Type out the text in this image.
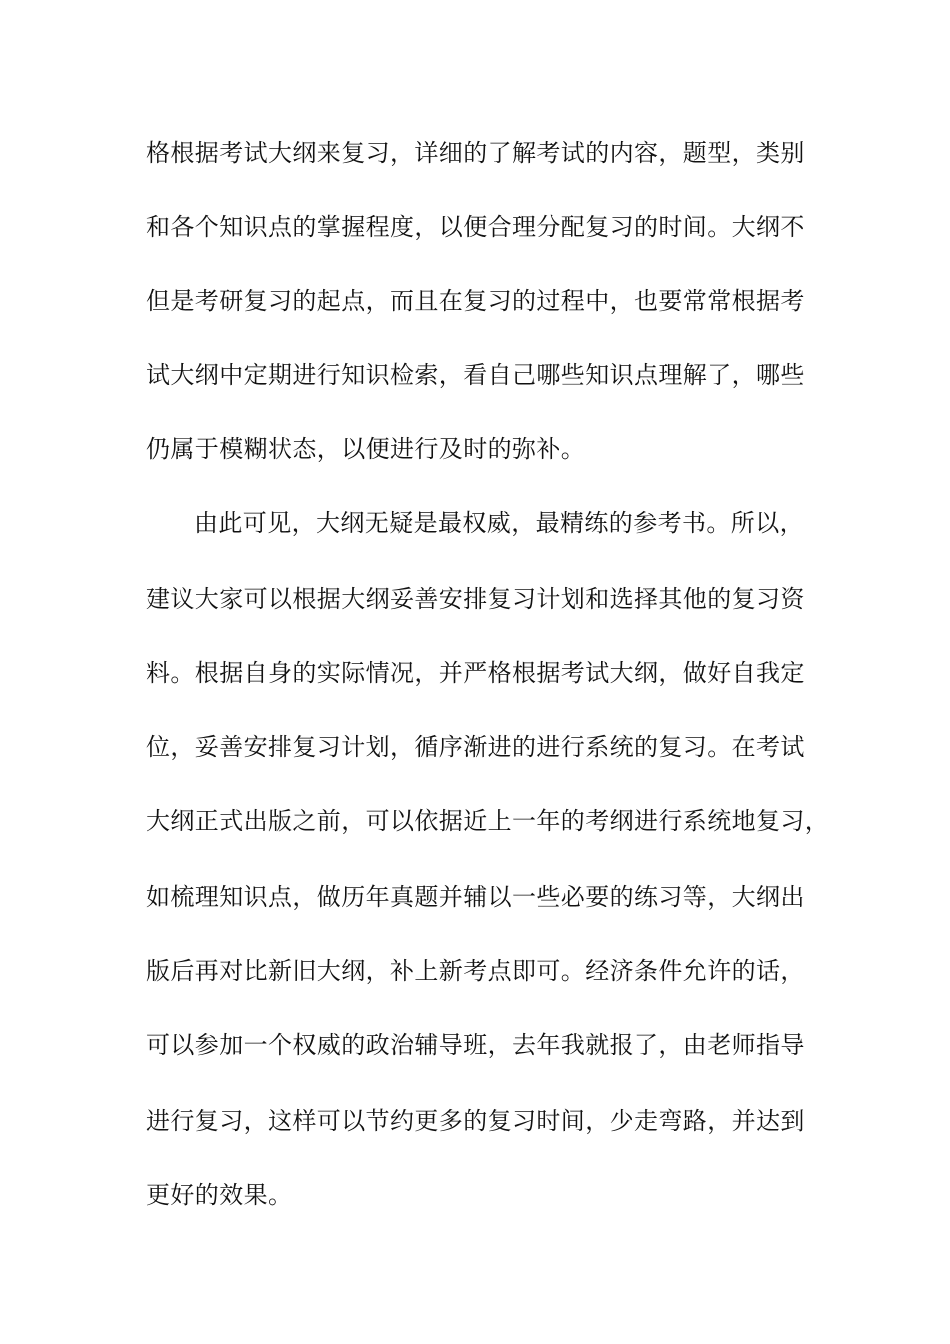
格根据考试大纲来复习，详细的了解考试的内容，题型，类别
和各个知识点的掌握程度，以便合理分配复习的时间。大纲不
但是考研复习的起点，而且在复习的过程中，也要常常根据考
试大纲中定期进行知识检索，看自己哪些知识点理解了，哪些
仍属于模糊状态，以便进行及时的弥补。
由此可见，大纲无疑是最权威，最精练的参考书。所以，
建议大家可以根据大纲妥善安排复习计划和选择其他的复习资
料。根据自身的实际情况，并严格根据考试大纲，做好自我定
位，妥善安排复习计划，循序渐进的进行系统的复习。在考试
大纲正式出版之前，可以依据近上一年的考纲进行系统地复习，
如梳理知识点，做历年真题并辅以一些必要的练习等，大纲出
版后再对比新旧大纲，补上新考点即可。经济条件允许的话，
可以参加一个权威的政治辅导班，去年我就报了，由老师指导
进行复习，这样可以节约更多的复习时间，少走弯路，并达到
更好的效果。
